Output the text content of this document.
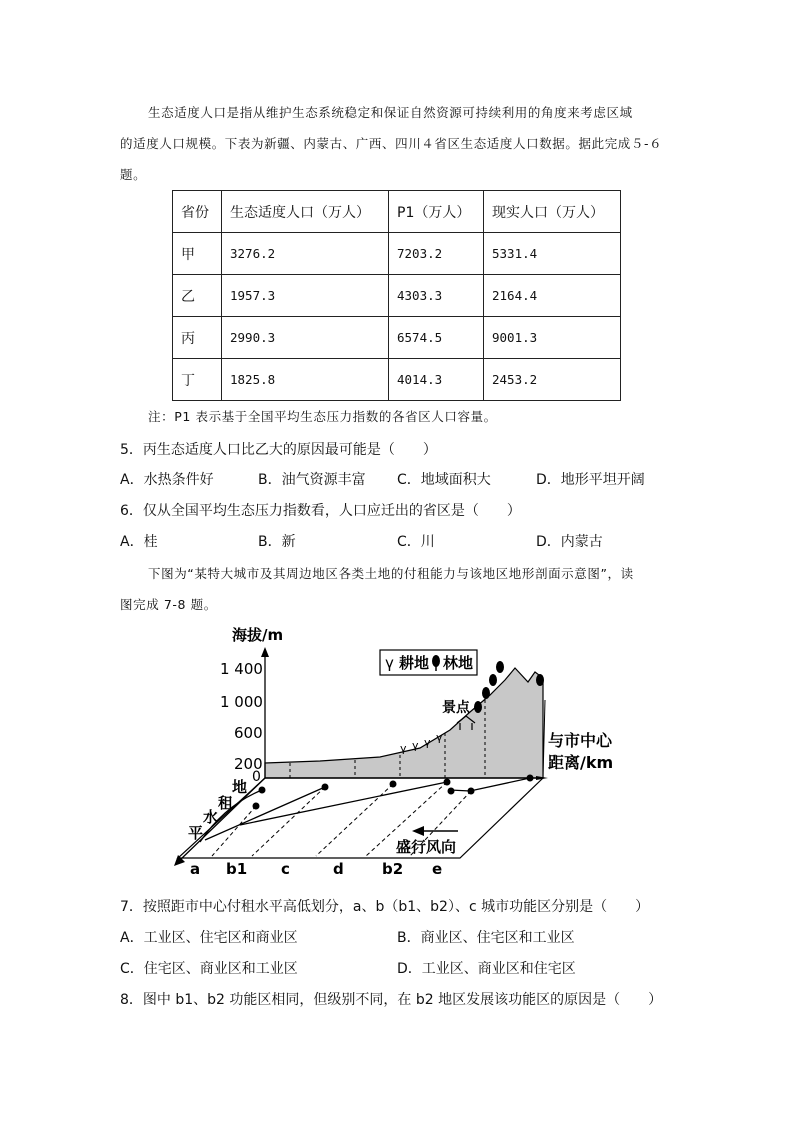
生态适度人口是指从维护生态系统稳定和保证自然资源可持续利用的角度来考虑区域
的适度人口规模。下表为新疆、内蒙古、广西、四川４省区生态适度人口数据。据此完成５-６
题。
省份	生态适度人口（万人）	P1（万人）	现实人口（万人）
甲	3276.2	7203.2	5331.4
乙	1957.3	4303.3	2164.4
丙	2990.3	6574.5	9001.3
丁	1825.8	4014.3	2453.2
注：P1 表示基于全国平均生态压力指数的各省区人口容量。
5．丙生态适度人口比乙大的原因最可能是（　　）
A．水热条件好	B．油气资源丰富 C．地域面积大	D．地形平坦开阔
6．仅从全国平均生态压力指数看，人口应迁出的省区是（　　）
A．桂	B．新	C．川	D．内蒙古
下图为“某特大城市及其周边地区各类土地的付租能力与该地区地形剖面示意图”，读
图完成 7-8 题。
海拔/m
1 400
1 000
600
200
0
ү 耕地 林地
ү ү ү ү
景点
与市中心
距离/km
地
租
水
平
盛行风向
a b1 c	d	b2 e
7．按照距市中心付租水平高低划分，a、b（b1、b2）、c 城市功能区分别是（　　）
A．工业区、住宅区和商业区	B．商业区、住宅区和工业区
C．住宅区、商业区和工业区	D．工业区、商业区和住宅区
8．图中 b1、b2 功能区相同，但级别不同，在 b2 地区发展该功能区的原因是（　　）
